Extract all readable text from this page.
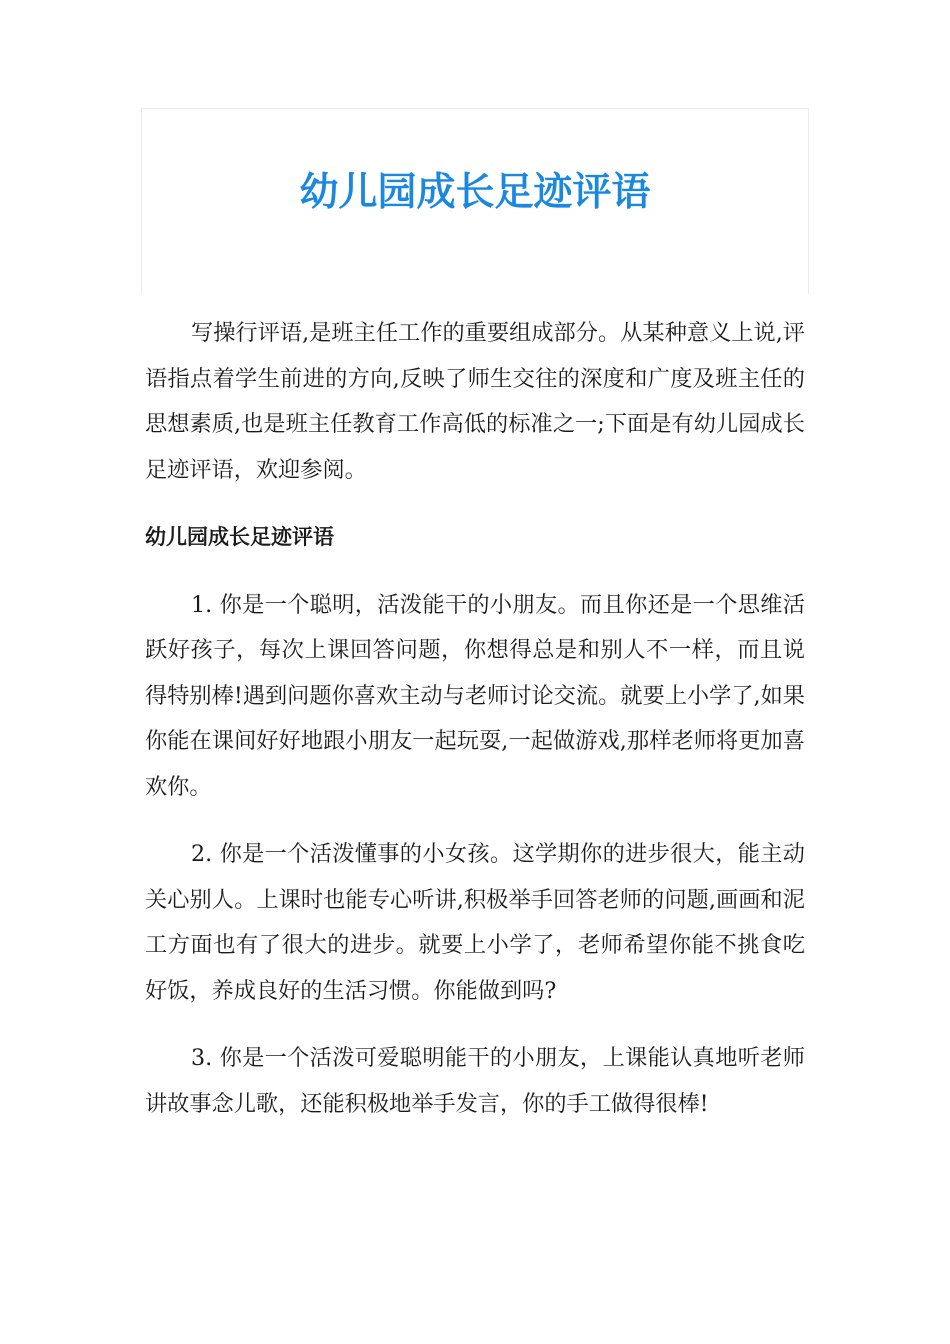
幼儿园成长足迹评语

写操行评语,是班主任工作的重要组成部分。从某种意义上说,评语指点着学生前进的方向,反映了师生交往的深度和广度及班主任的思想素质,也是班主任教育工作高低的标准之一;下面是有幼儿园成长足迹评语，欢迎参阅。

幼儿园成长足迹评语

1. 你是一个聪明，活泼能干的小朋友。而且你还是一个思维活跃好孩子，每次上课回答问题，你想得总是和别人不一样，而且说得特别棒!遇到问题你喜欢主动与老师讨论交流。就要上小学了,如果你能在课间好好地跟小朋友一起玩耍,一起做游戏,那样老师将更加喜欢你。

2. 你是一个活泼懂事的小女孩。这学期你的进步很大，能主动关心别人。上课时也能专心听讲,积极举手回答老师的问题,画画和泥工方面也有了很大的进步。就要上小学了，老师希望你能不挑食吃好饭，养成良好的生活习惯。你能做到吗?

3. 你是一个活泼可爱聪明能干的小朋友，上课能认真地听老师讲故事念儿歌，还能积极地举手发言，你的手工做得很棒!
